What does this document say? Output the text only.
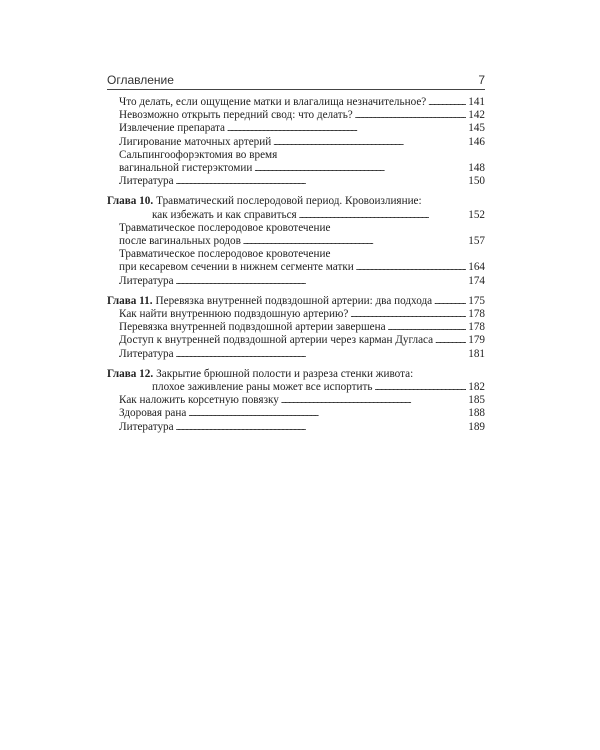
Оглавление	7
Что делать, если ощущение матки и влагалища незначительное? . . .	141
Невозможно открыть передний свод: что делать? . . .	142
Извлечение препарата . . .	145
Лигирование маточных артерий . . .	146
Сальпингоофорэктомия во время
вагинальной гистерэктомии . . .	148
Литература . . .	150
Глава 10. Травматический послеродовой период. Кровоизлияние:
как избежать и как справиться . . .	152
Травматическое послеродовое кровотечение
после вагинальных родов . . .	157
Травматическое послеродовое кровотечение
при кесаревом сечении в нижнем сегменте матки . . .	164
Литература . . .	174
Глава 11. Перевязка внутренней подвздошной артерии: два подхода . . .	175
Как найти внутреннюю подвздошную артерию? . . .	178
Перевязка внутренней подвздошной артерии завершена . . .	178
Доступ к внутренней подвздошной артерии через карман Дугласа . . .	179
Литература . . .	181
Глава 12. Закрытие брюшной полости и разреза стенки живота:
плохое заживление раны может все испортить . . .	182
Как наложить корсетную повязку . . .	185
Здоровая рана . . .	188
Литература . . .	189
